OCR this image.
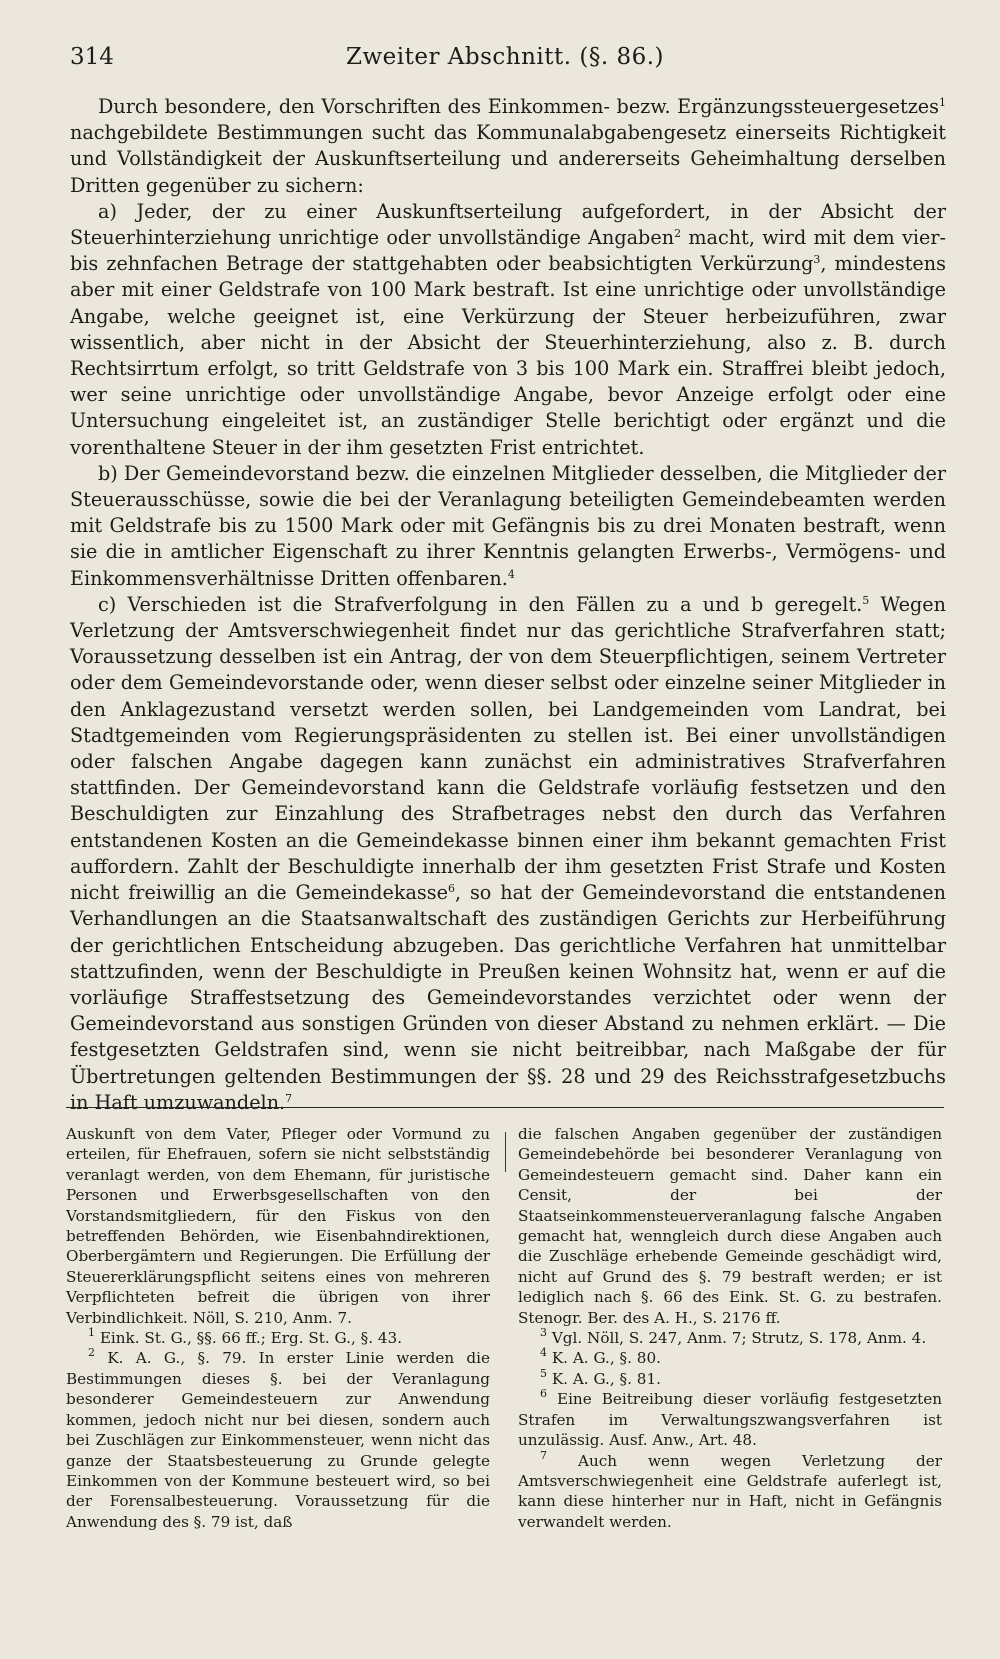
314	Zweiter Abschnitt. (§. 86.)

Durch besondere, den Vorschriften des Einkommen- bezw. Ergänzungssteuergesetzes$^1$ nachgebildete Bestimmungen sucht das Kommunalabgabengesetz einerseits Richtigkeit und Vollständigkeit der Auskunftserteilung und andererseits Geheimhaltung derselben Dritten gegenüber zu sichern:

a) Jeder, der zu einer Auskunftserteilung aufgefordert, in der Absicht der Steuerhinterziehung unrichtige oder unvollständige Angaben$^2$ macht, wird mit dem vier- bis zehnfachen Betrage der stattgehabten oder beabsichtigten Verkürzung$^3$, mindestens aber mit einer Geldstrafe von 100 Mark bestraft. Ist eine unrichtige oder unvollständige Angabe, welche geeignet ist, eine Verkürzung der Steuer herbeizuführen, zwar wissentlich, aber nicht in der Absicht der Steuerhinterziehung, also z. B. durch Rechtsirrtum erfolgt, so tritt Geldstrafe von 3 bis 100 Mark ein. Straffrei bleibt jedoch, wer seine unrichtige oder unvollständige Angabe, bevor Anzeige erfolgt oder eine Untersuchung eingeleitet ist, an zuständiger Stelle berichtigt oder ergänzt und die vorenthaltene Steuer in der ihm gesetzten Frist entrichtet.

b) Der Gemeindevorstand bezw. die einzelnen Mitglieder desselben, die Mitglieder der Steuerausschüsse, sowie die bei der Veranlagung beteiligten Gemeindebeamten werden mit Geldstrafe bis zu 1500 Mark oder mit Gefängnis bis zu drei Monaten bestraft, wenn sie die in amtlicher Eigenschaft zu ihrer Kenntnis gelangten Erwerbs-, Vermögens- und Einkommensverhältnisse Dritten offenbaren.$^4$

c) Verschieden ist die Strafverfolgung in den Fällen zu a und b geregelt.$^5$ Wegen Verletzung der Amtsverschwiegenheit findet nur das gerichtliche Strafverfahren statt; Voraussetzung desselben ist ein Antrag, der von dem Steuerpflichtigen, seinem Vertreter oder dem Gemeindevorstande oder, wenn dieser selbst oder einzelne seiner Mitglieder in den Anklagezustand versetzt werden sollen, bei Landgemeinden vom Landrat, bei Stadtgemeinden vom Regierungspräsidenten zu stellen ist. Bei einer unvollständigen oder falschen Angabe dagegen kann zunächst ein administratives Strafverfahren stattfinden. Der Gemeindevorstand kann die Geldstrafe vorläufig festsetzen und den Beschuldigten zur Einzahlung des Strafbetrages nebst den durch das Verfahren entstandenen Kosten an die Gemeindekasse binnen einer ihm bekannt gemachten Frist auffordern. Zahlt der Beschuldigte innerhalb der ihm gesetzten Frist Strafe und Kosten nicht freiwillig an die Gemeindekasse$^6$, so hat der Gemeindevorstand die entstandenen Verhandlungen an die Staatsanwaltschaft des zuständigen Gerichts zur Herbeiführung der gerichtlichen Entscheidung abzugeben. Das gerichtliche Verfahren hat unmittelbar stattzufinden, wenn der Beschuldigte in Preußen keinen Wohnsitz hat, wenn er auf die vorläufige Straffestsetzung des Gemeindevorstandes verzichtet oder wenn der Gemeindevorstand aus sonstigen Gründen von dieser Abstand zu nehmen erklärt. — Die festgesetzten Geldstrafen sind, wenn sie nicht beitreibbar, nach Maßgabe der für Übertretungen geltenden Bestimmungen der §§. 28 und 29 des Reichsstrafgesetzbuchs in Haft umzuwandeln.$^7$

Auskunft von dem Vater, Pfleger oder Vormund zu erteilen, für Ehefrauen, sofern sie nicht selbstständig veranlagt werden, von dem Ehemann, für juristische Personen und Erwerbsgesellschaften von den Vorstandsmitgliedern, für den Fiskus von den betreffenden Behörden, wie Eisenbahndirektionen, Oberbergämtern und Regierungen. Die Erfüllung der Steuererklärungspflicht seitens eines von mehreren Verpflichteten befreit die übrigen von ihrer Verbindlichkeit. Nöll, S. 210, Anm. 7.

$^1$ Eink. St. G., §§. 66 ff.; Erg. St. G., §. 43.

$^2$ K. A. G., §. 79. In erster Linie werden die Bestimmungen dieses §. bei der Veranlagung besonderer Gemeindesteuern zur Anwendung kommen, jedoch nicht nur bei diesen, sondern auch bei Zuschlägen zur Einkommensteuer, wenn nicht das ganze der Staatsbesteuerung zu Grunde gelegte Einkommen von der Kommune besteuert wird, so bei der Forensalbesteuerung. Voraussetzung für die Anwendung des §. 79 ist, daß

die falschen Angaben gegenüber der zuständigen Gemeindebehörde bei besonderer Veranlagung von Gemeindesteuern gemacht sind. Daher kann ein Censit, der bei der Staatseinkommensteuerveranlagung falsche Angaben gemacht hat, wenngleich durch diese Angaben auch die Zuschläge erhebende Gemeinde geschädigt wird, nicht auf Grund des §. 79 bestraft werden; er ist lediglich nach §. 66 des Eink. St. G. zu bestrafen. Stenogr. Ber. des A. H., S. 2176 ff.

$^3$ Vgl. Nöll, S. 247, Anm. 7; Strutz, S. 178, Anm. 4.

$^4$ K. A. G., §. 80.

$^5$ K. A. G., §. 81.

$^6$ Eine Beitreibung dieser vorläufig festgesetzten Strafen im Verwaltungszwangsverfahren ist unzulässig. Ausf. Anw., Art. 48.

$^7$ Auch wenn wegen Verletzung der Amtsverschwiegenheit eine Geldstrafe auferlegt ist, kann diese hinterher nur in Haft, nicht in Gefängnis verwandelt werden.
